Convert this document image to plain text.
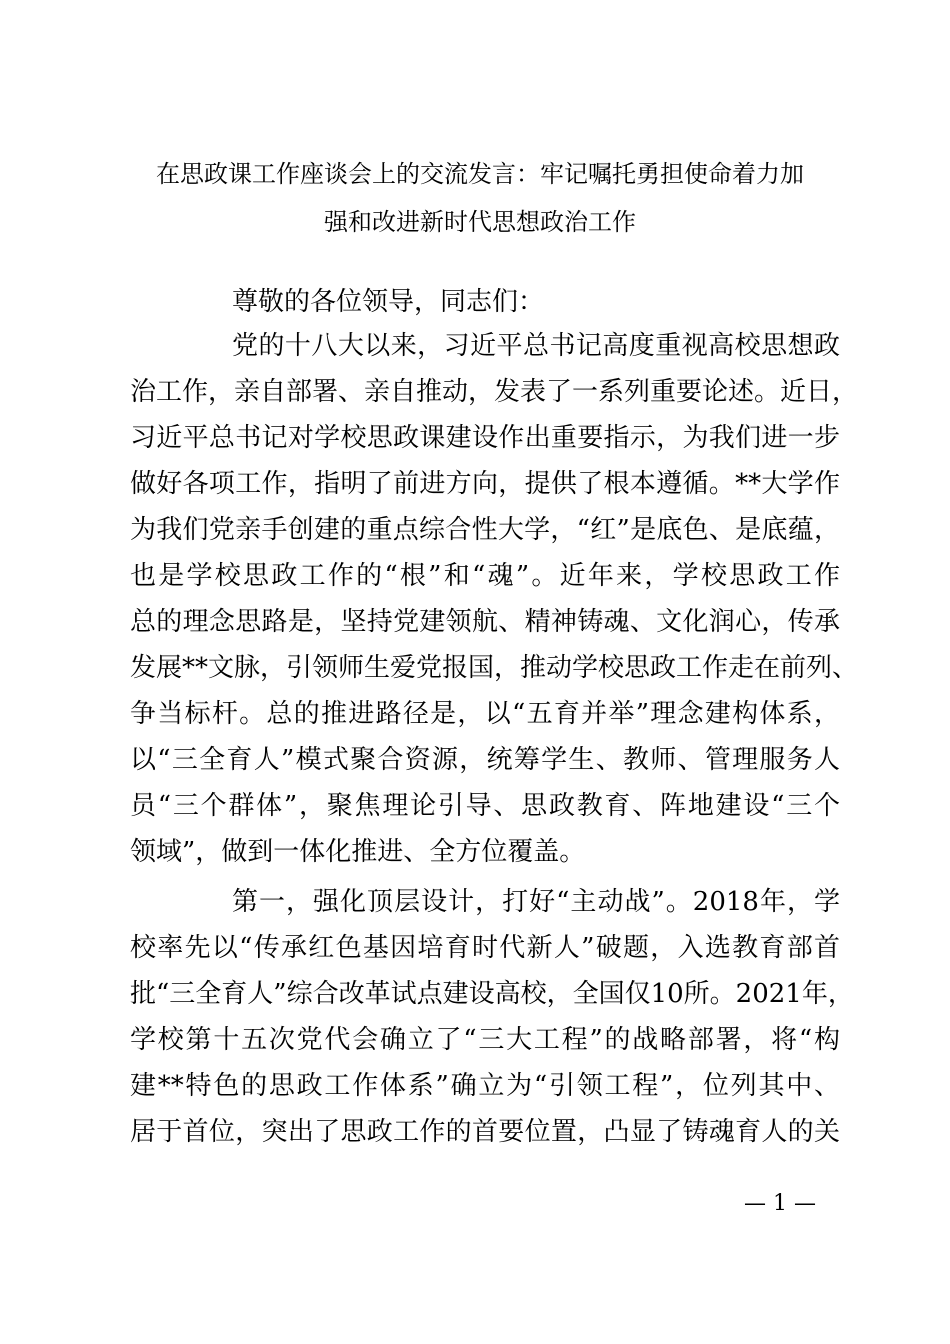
在思政课工作座谈会上的交流发言：牢记嘱托勇担使命着力加
强和改进新时代思想政治工作
尊敬的各位领导，同志们：
党的十八大以来，习近平总书记高度重视高校思想政
治工作，亲自部署、亲自推动，发表了一系列重要论述。近日，
习近平总书记对学校思政课建设作出重要指示，为我们进一步
做好各项工作，指明了前进方向，提供了根本遵循。**大学作
为我们党亲手创建的重点综合性大学，“红”是底色、是底蕴，
也是学校思政工作的“根”和“魂”。近年来，学校思政工作
总的理念思路是，坚持党建领航、精神铸魂、文化润心，传承
发展**文脉，引领师生爱党报国，推动学校思政工作走在前列、
争当标杆。总的推进路径是，以“五育并举”理念建构体系，
以“三全育人”模式聚合资源，统筹学生、教师、管理服务人
员“三个群体”，聚焦理论引导、思政教育、阵地建设“三个
领域”，做到一体化推进、全方位覆盖。
第一，强化顶层设计，打好“主动战”。2018年，学
校率先以“传承红色基因培育时代新人”破题，入选教育部首
批“三全育人”综合改革试点建设高校，全国仅10所。2021年，
学校第十五次党代会确立了“三大工程”的战略部署，将“构
建**特色的思政工作体系”确立为“引领工程”，位列其中、
居于首位，突出了思政工作的首要位置，凸显了铸魂育人的关
— 1 —
